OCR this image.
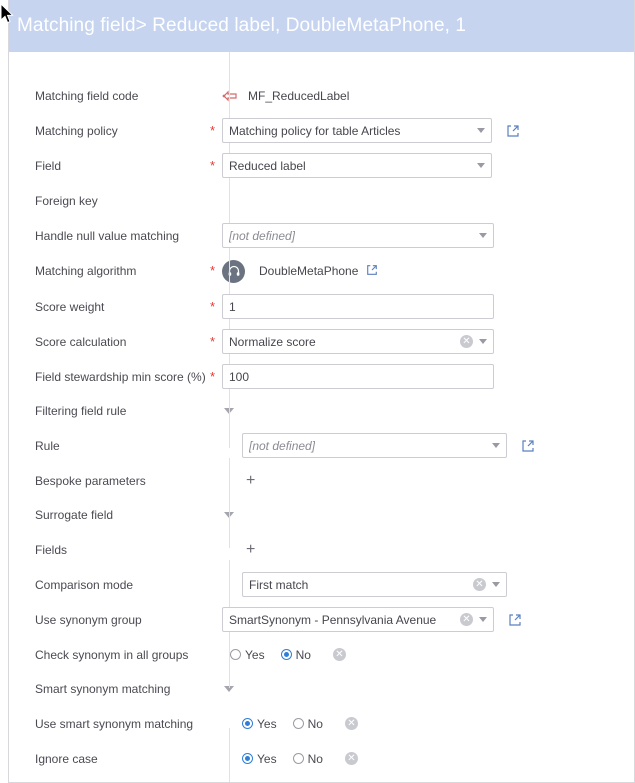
Matching field> Reduced label, DoubleMetaPhone, 1
Matching field code	MF_ReducedLabel
Matching policy	*	Matching policy for table Articles
Field	*	Reduced label
Foreign key
Handle null value matching	[not defined]
Matching algorithm	*	DoubleMetaPhone
Score weight	*	1
Score calculation	*	Normalize score	✕
Field stewardship min score (%) *	100
Filtering field rule
Rule	[not defined]
Bespoke parameters	+
Surrogate field
Fields	+
Comparison mode	First match	✕
Use synonym group	SmartSynonym - Pennsylvania Avenue	✕
Check synonym in all groups	Yes	No ✕
Smart synonym matching
Use smart synonym matching	Yes	No ✕
Ignore case	Yes	No ✕
